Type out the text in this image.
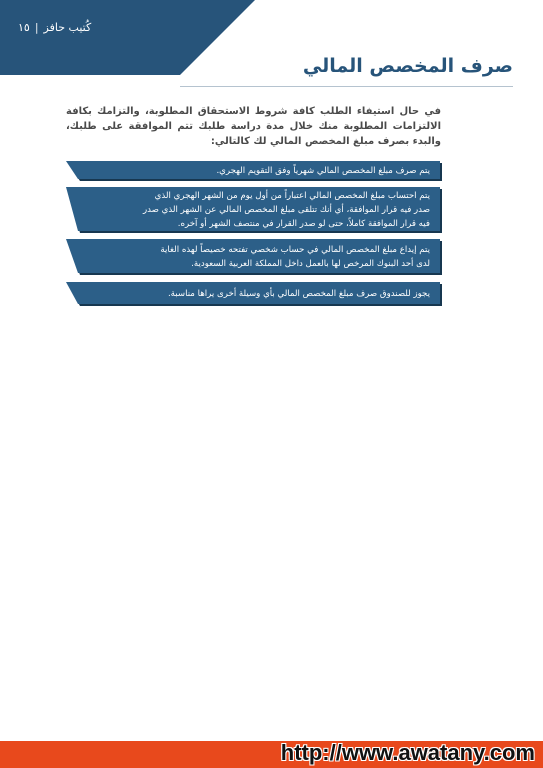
كُتيب حافز|١٥
صرف المخصص المالي

في حال استيفاء الطلب كافة شروط الاستحقاق المطلوبة، والتزامك بكافة الالتزامات المطلوبة منك خلال مدة دراسة طلبك تتم الموافقة على طلبك، والبدء بصرف مبلغ المخصص المالي لك كالتالي:

يتم صرف مبلغ المخصص المالي شهرياً وفق التقويم الهجري.
يتم احتساب مبلغ المخصص المالي اعتباراً من أول يوم من الشهر الهجري الذي
صدر فيه قرار الموافقة، أي أنك تتلقى مبلغ المخصص المالي عن الشهر الذي صدر
فيه قرار الموافقة كاملاً، حتى لو صدر القرار في منتصف الشهر أو آخره.
يتم إيداع مبلغ المخصص المالي في حساب شخصي تفتحه خصيصاً لهذه الغاية
لدى أحد البنوك المرخص لها بالعمل داخل المملكة العربية السعودية.
يجوز للصندوق صرف مبلغ المخصص المالي بأي وسيلة أخرى يراها مناسبة.
http://www.awatany.com
